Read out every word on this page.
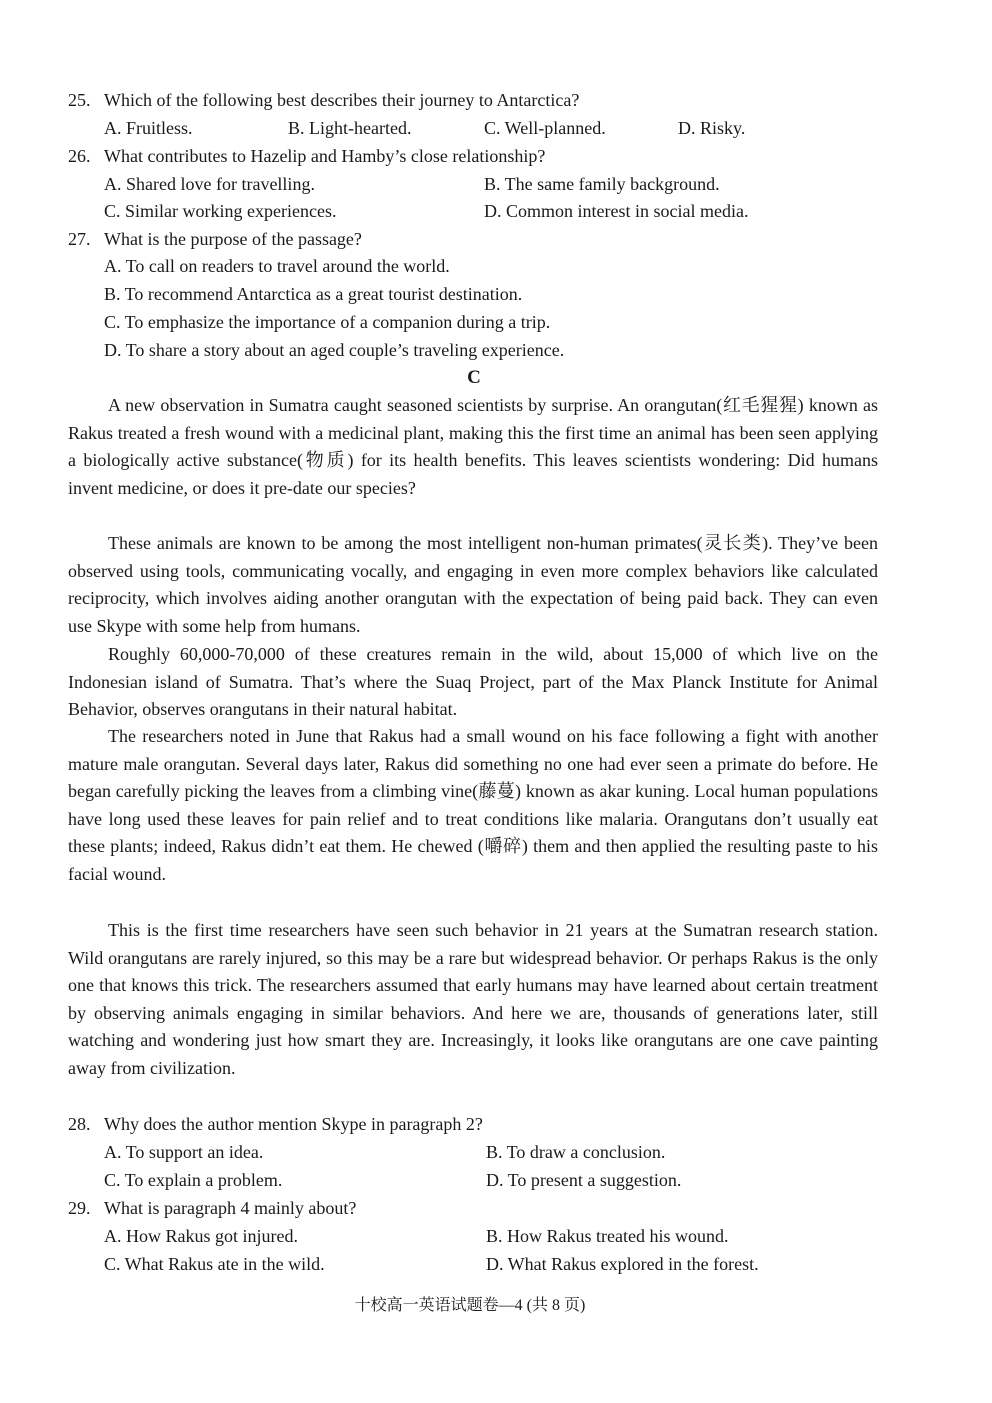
25. Which of the following best describes their journey to Antarctica?
A. Fruitless.	B. Light-hearted.	C. Well-planned.	D. Risky.
26. What contributes to Hazelip and Hamby’s close relationship?
A. Shared love for travelling.	B. The same family background.
C. Similar working experiences.	D. Common interest in social media.
27. What is the purpose of the passage?
A. To call on readers to travel around the world.
B. To recommend Antarctica as a great tourist destination.
C. To emphasize the importance of a companion during a trip.
D. To share a story about an aged couple’s traveling experience.
C

A new observation in Sumatra caught seasoned scientists by surprise. An orangutan(红毛猩猩) known as Rakus treated a fresh wound with a medicinal plant, making this the first time an animal has been seen applying a biologically active substance(物质) for its health benefits. This leaves scientists wondering: Did humans invent medicine, or does it pre-date our species?

These animals are known to be among the most intelligent non-human primates(灵长类). They’ve been observed using tools, communicating vocally, and engaging in even more complex behaviors like calculated reciprocity, which involves aiding another orangutan with the expectation of being paid back. They can even use Skype with some help from humans.

Roughly 60,000-70,000 of these creatures remain in the wild, about 15,000 of which live on the Indonesian island of Sumatra. That’s where the Suaq Project, part of the Max Planck Institute for Animal Behavior, observes orangutans in their natural habitat.

The researchers noted in June that Rakus had a small wound on his face following a fight with another mature male orangutan. Several days later, Rakus did something no one had ever seen a primate do before. He began carefully picking the leaves from a climbing vine(藤蔓) known as akar kuning. Local human populations have long used these leaves for pain relief and to treat conditions like malaria. Orangutans don’t usually eat these plants; indeed, Rakus didn’t eat them. He chewed (嚼碎) them and then applied the resulting paste to his facial wound.

This is the first time researchers have seen such behavior in 21 years at the Sumatran research station. Wild orangutans are rarely injured, so this may be a rare but widespread behavior. Or perhaps Rakus is the only one that knows this trick. The researchers assumed that early humans may have learned about certain treatment by observing animals engaging in similar behaviors. And here we are, thousands of generations later, still watching and wondering just how smart they are. Increasingly, it looks like orangutans are one cave painting away from civilization.

28. Why does the author mention Skype in paragraph 2?
A. To support an idea.	B. To draw a conclusion.
C. To explain a problem.	D. To present a suggestion.
29. What is paragraph 4 mainly about?
A. How Rakus got injured.	B. How Rakus treated his wound.
C. What Rakus ate in the wild.	D. What Rakus explored in the forest.
十校高一英语试题卷—4 (共 8 页)
